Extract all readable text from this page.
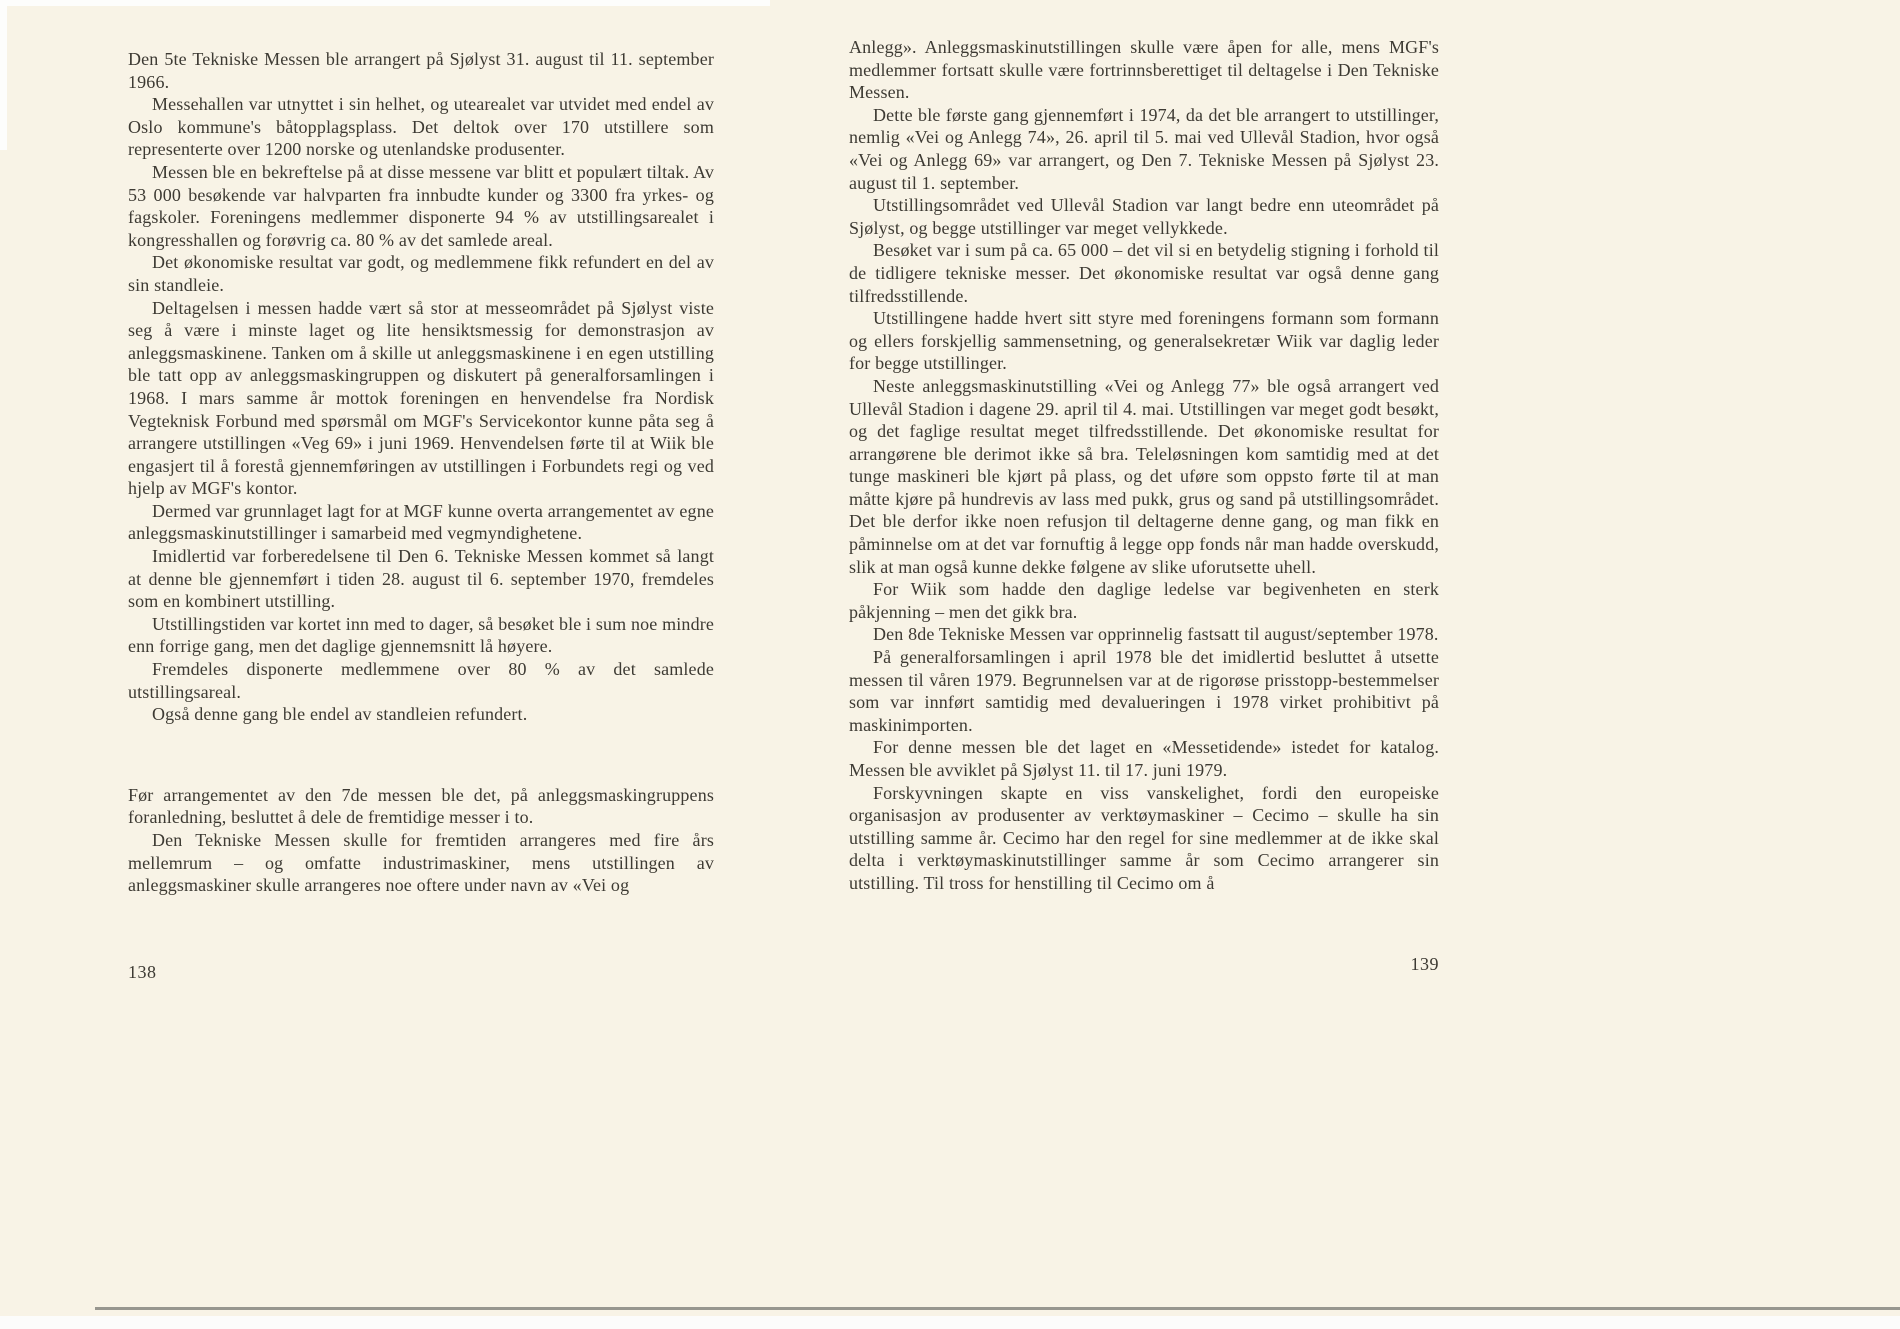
Den 5te Tekniske Messen ble arrangert på Sjølyst 31. august til 11. september 1966.

Messehallen var utnyttet i sin helhet, og utearealet var utvidet med endel av Oslo kommune's båtopplagsplass. Det deltok over 170 utstillere som representerte over 1200 norske og utenlandske produsenter.

Messen ble en bekreftelse på at disse messene var blitt et populært tiltak. Av 53 000 besøkende var halvparten fra innbudte kunder og 3300 fra yrkes- og fagskoler. Foreningens medlemmer disponerte 94 % av utstillingsarealet i kongresshallen og forøvrig ca. 80 % av det samlede areal.

Det økonomiske resultat var godt, og medlemmene fikk refundert en del av sin standleie.

Deltagelsen i messen hadde vært så stor at messeområdet på Sjølyst viste seg å være i minste laget og lite hensiktsmessig for demonstrasjon av anleggsmaskinene. Tanken om å skille ut anleggsmaskinene i en egen utstilling ble tatt opp av anleggsmaskingruppen og diskutert på generalforsamlingen i 1968. I mars samme år mottok foreningen en henvendelse fra Nordisk Vegteknisk Forbund med spørsmål om MGF's Servicekontor kunne påta seg å arrangere utstillingen «Veg 69» i juni 1969. Henvendelsen førte til at Wiik ble engasjert til å forestå gjennemføringen av utstillingen i Forbundets regi og ved hjelp av MGF's kontor.

Dermed var grunnlaget lagt for at MGF kunne overta arrangementet av egne anleggsmaskinutstillinger i samarbeid med vegmyndighetene.

Imidlertid var forberedelsene til Den 6. Tekniske Messen kommet så langt at denne ble gjennemført i tiden 28. august til 6. september 1970, fremdeles som en kombinert utstilling.

Utstillingstiden var kortet inn med to dager, så besøket ble i sum noe mindre enn forrige gang, men det daglige gjennemsnitt lå høyere.

Fremdeles disponerte medlemmene over 80 % av det samlede utstillingsareal.

Også denne gang ble endel av standleien refundert.

Før arrangementet av den 7de messen ble det, på anleggsmaskingruppens foranledning, besluttet å dele de fremtidige messer i to.

Den Tekniske Messen skulle for fremtiden arrangeres med fire års mellemrum – og omfatte industrimaskiner, mens utstillingen av anleggsmaskiner skulle arrangeres noe oftere under navn av «Vei og

138

Anlegg». Anleggsmaskinutstillingen skulle være åpen for alle, mens MGF's medlemmer fortsatt skulle være fortrinnsberettiget til deltagelse i Den Tekniske Messen.

Dette ble første gang gjennemført i 1974, da det ble arrangert to utstillinger, nemlig «Vei og Anlegg 74», 26. april til 5. mai ved Ullevål Stadion, hvor også «Vei og Anlegg 69» var arrangert, og Den 7. Tekniske Messen på Sjølyst 23. august til 1. september.

Utstillingsområdet ved Ullevål Stadion var langt bedre enn uteområdet på Sjølyst, og begge utstillinger var meget vellykkede.

Besøket var i sum på ca. 65 000 – det vil si en betydelig stigning i forhold til de tidligere tekniske messer. Det økonomiske resultat var også denne gang tilfredsstillende.

Utstillingene hadde hvert sitt styre med foreningens formann som formann og ellers forskjellig sammensetning, og generalsekretær Wiik var daglig leder for begge utstillinger.

Neste anleggsmaskinutstilling «Vei og Anlegg 77» ble også arrangert ved Ullevål Stadion i dagene 29. april til 4. mai. Utstillingen var meget godt besøkt, og det faglige resultat meget tilfredsstillende. Det økonomiske resultat for arrangørene ble derimot ikke så bra. Teleløsningen kom samtidig med at det tunge maskineri ble kjørt på plass, og det uføre som oppsto førte til at man måtte kjøre på hundrevis av lass med pukk, grus og sand på utstillingsområdet. Det ble derfor ikke noen refusjon til deltagerne denne gang, og man fikk en påminnelse om at det var fornuftig å legge opp fonds når man hadde overskudd, slik at man også kunne dekke følgene av slike uforutsette uhell.

For Wiik som hadde den daglige ledelse var begivenheten en sterk påkjenning – men det gikk bra.

Den 8de Tekniske Messen var opprinnelig fastsatt til august/september 1978.

På generalforsamlingen i april 1978 ble det imidlertid besluttet å utsette messen til våren 1979. Begrunnelsen var at de rigorøse prisstopp-bestemmelser som var innført samtidig med devalueringen i 1978 virket prohibitivt på maskinimporten.

For denne messen ble det laget en «Messetidende» istedet for katalog. Messen ble avviklet på Sjølyst 11. til 17. juni 1979.

Forskyvningen skapte en viss vanskelighet, fordi den europeiske organisasjon av produsenter av verktøymaskiner – Cecimo – skulle ha sin utstilling samme år. Cecimo har den regel for sine medlemmer at de ikke skal delta i verktøymaskinutstillinger samme år som Cecimo arrangerer sin utstilling. Til tross for henstilling til Cecimo om å

139
